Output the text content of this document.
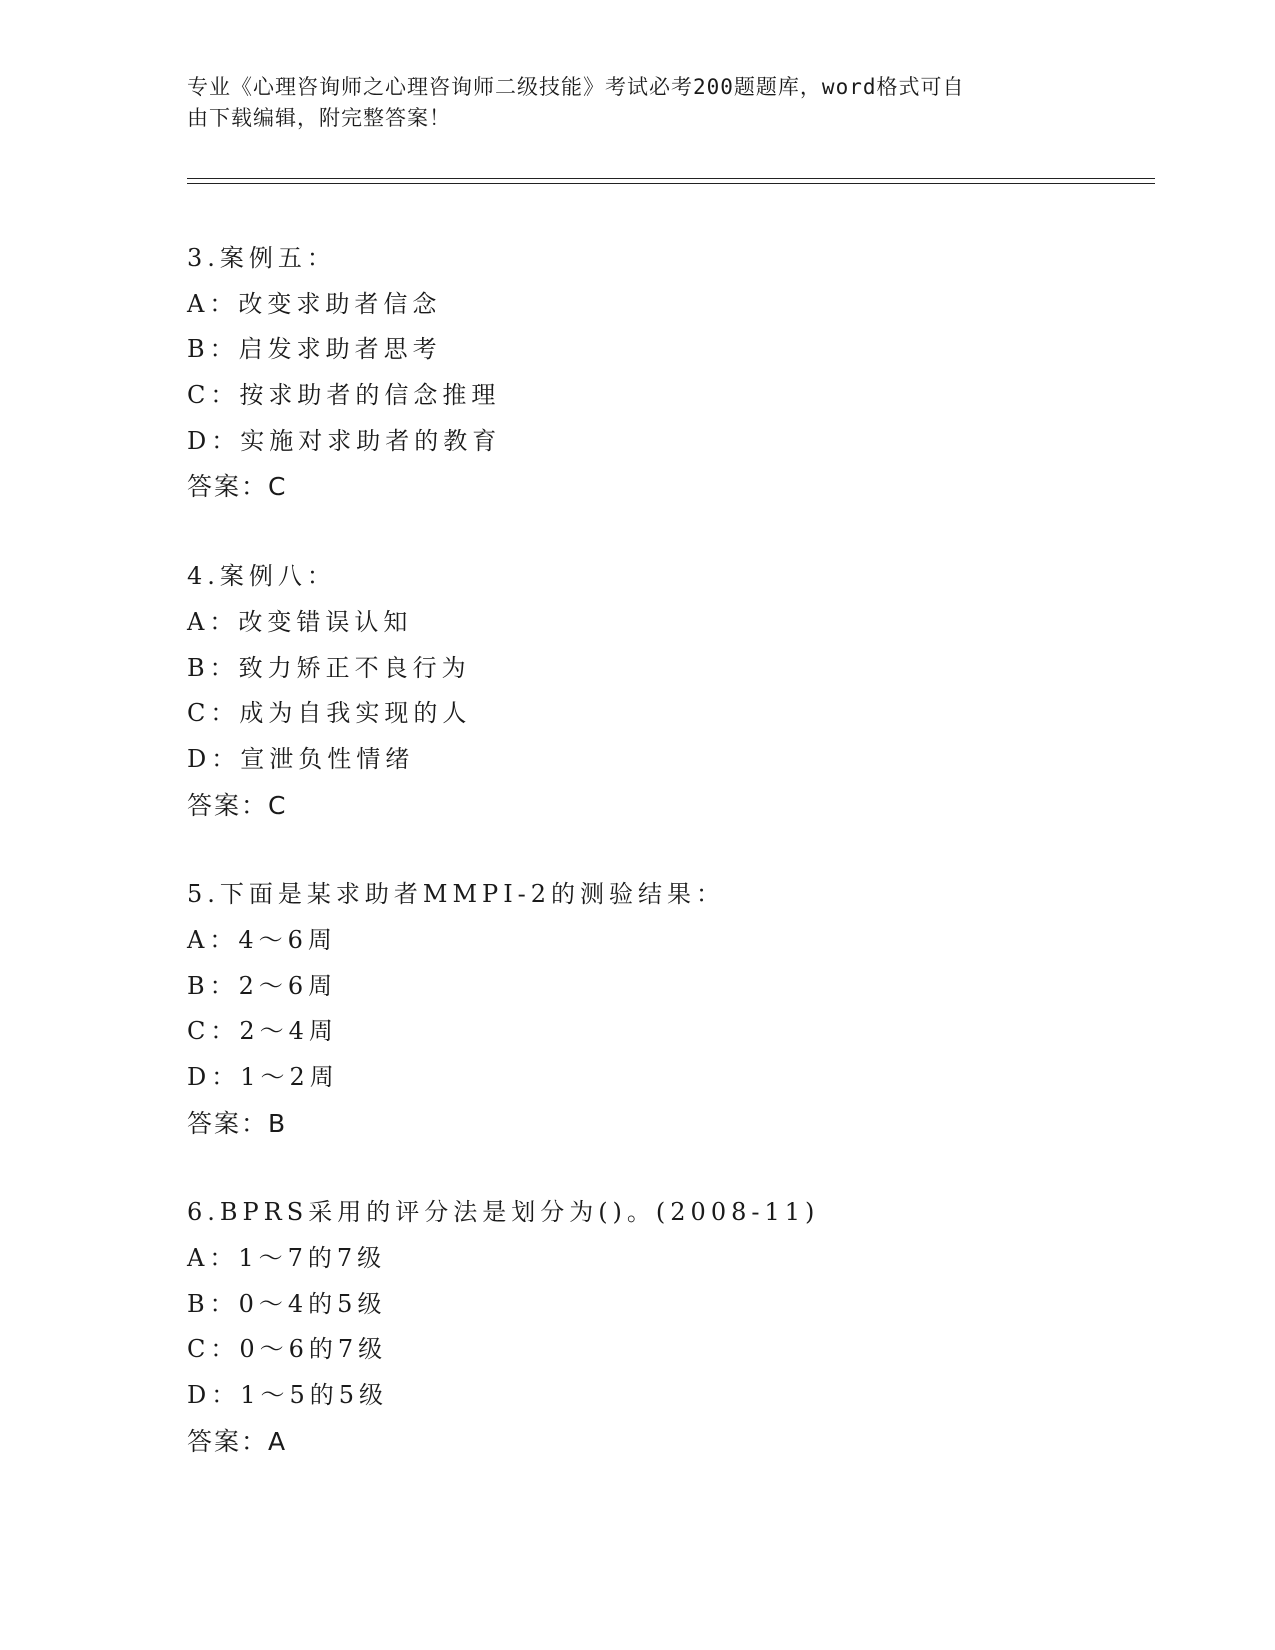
专业《心理咨询师之心理咨询师二级技能》考试必考200题题库，word格式可自
由下载编辑，附完整答案！
3.案例五：
A：改变求助者信念
B：启发求助者思考
C：按求助者的信念推理
D：实施对求助者的教育
答案：C
4.案例八：
A：改变错误认知
B：致力矫正不良行为
C：成为自我实现的人
D：宣泄负性情绪
答案：C
5.下面是某求助者MMPI-2的测验结果：
A：4～6周
B：2～6周
C：2～4周
D：1～2周
答案：B
6.BPRS采用的评分法是划分为()。(2008-11)
A：1～7的7级
B：0～4的5级
C：0～6的7级
D：1～5的5级
答案：A
